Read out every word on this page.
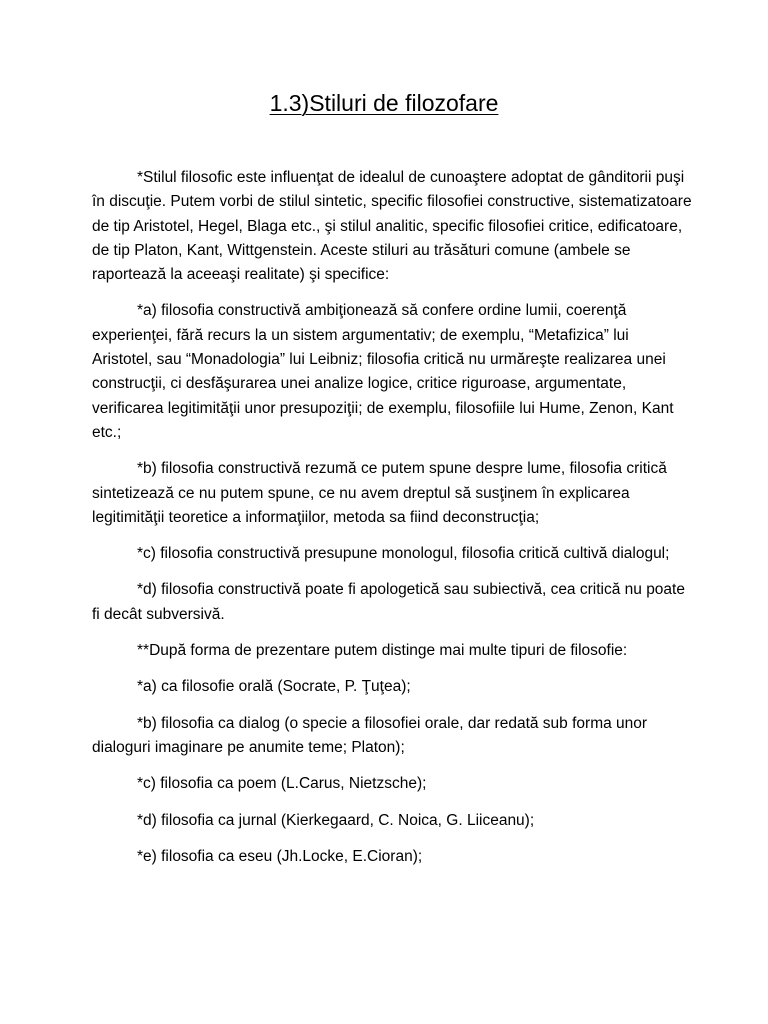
1.3)Stiluri de filozofare

*Stilul filosofic este influenţat de idealul de cunoaştere adoptat de gânditorii puşi în discuţie. Putem vorbi de stilul sintetic, specific filosofiei constructive, sistematizatoare de tip Aristotel, Hegel, Blaga etc., şi stilul analitic, specific filosofiei critice, edificatoare, de tip Platon, Kant, Wittgenstein. Aceste stiluri au trăsături comune (ambele se raportează la aceeaşi realitate) şi specifice:

*a) filosofia constructivă ambiţionează să confere ordine lumii, coerenţă experienţei, fără recurs la un sistem argumentativ; de exemplu, “Metafizica” lui Aristotel, sau “Monadologia” lui Leibniz; filosofia critică nu urmăreşte realizarea unei construcţii, ci desfăşurarea unei analize logice, critice riguroase, argumentate, verificarea legitimităţii unor presupoziţii; de exemplu, filosofiile lui Hume, Zenon, Kant etc.;

*b) filosofia constructivă rezumă ce putem spune despre lume, filosofia critică sintetizează ce nu putem spune, ce nu avem dreptul să susţinem în explicarea legitimităţii teoretice a informaţiilor, metoda sa fiind deconstrucţia;

*c) filosofia constructivă presupune monologul, filosofia critică cultivă dialogul;

*d) filosofia constructivă poate fi apologetică sau subiectivă, cea critică nu poate fi decât subversivă.

**După forma de prezentare putem distinge mai multe tipuri de filosofie:

*a) ca filosofie orală (Socrate, P. Ţuţea);

*b) filosofia ca dialog (o specie a filosofiei orale, dar redată sub forma unor dialoguri imaginare pe anumite teme; Platon);

*c) filosofia ca poem (L.Carus, Nietzsche);

*d) filosofia ca jurnal (Kierkegaard, C. Noica, G. Liiceanu);

*e) filosofia ca eseu (Jh.Locke, E.Cioran);
